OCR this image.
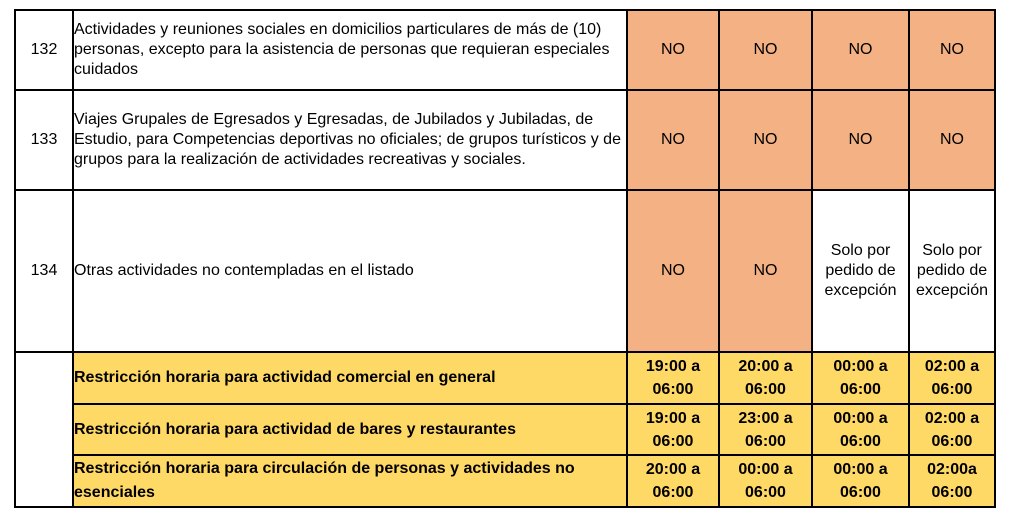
132	Actividades y reuniones sociales en domicilios particulares de más de (10) personas, excepto para la asistencia de personas que requieran especiales cuidados	NO	NO	NO	NO
133	Viajes Grupales de Egresados y Egresadas, de Jubilados y Jubiladas, de Estudio, para Competencias deportivas no oficiales; de grupos turísticos y de grupos para la realización de actividades recreativas y sociales.	NO	NO	NO	NO
134	Otras actividades no contempladas en el listado	NO	NO	Solo por pedido de excepción	Solo por pedido de excepción
	Restricción horaria para actividad comercial en general	19:00 a 06:00	20:00 a 06:00	00:00 a 06:00	02:00 a 06:00
	Restricción horaria para actividad de bares y restaurantes	19:00 a 06:00	23:00 a 06:00	00:00 a 06:00	02:00 a 06:00
	Restricción horaria para circulación de personas y actividades no esenciales	20:00 a 06:00	00:00 a 06:00	00:00 a 06:00	02:00a 06:00
